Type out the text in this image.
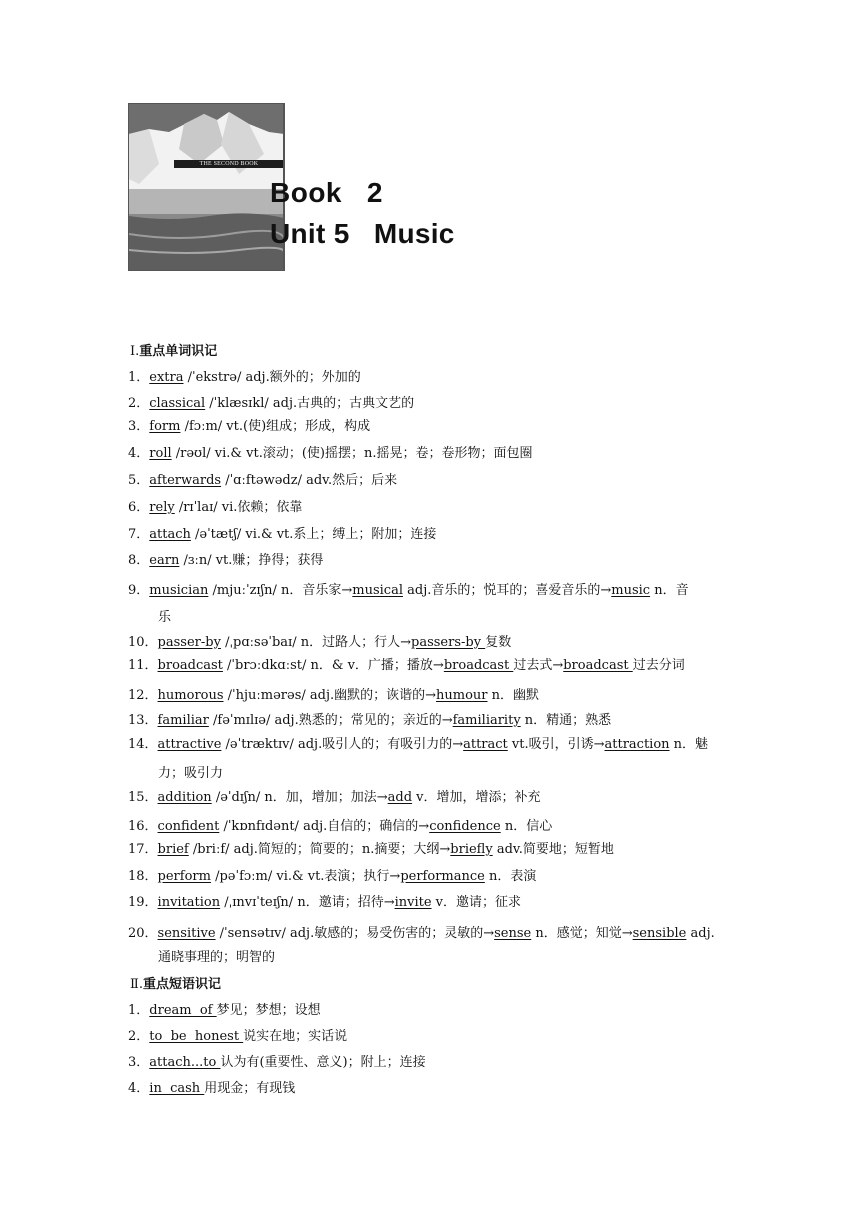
THE SECOND BOOK
Book   2
Unit 5   Music
Ⅰ.重点单词识记
1．extra /ˈekstrə/ adj.额外的；外加的
2．classical /ˈklæsɪkl/ adj.古典的；古典文艺的
3．form /fɔːm/ vt.(使)组成；形成，构成
4．roll /rəʊl/ vi.& vt.滚动；(使)摇摆；n.摇晃；卷；卷形物；面包圈
5．afterwards /ˈɑːftəwədz/ adv.然后；后来
6．rely /rɪˈlaɪ/ vi.依赖；依靠
7．attach /əˈtætʃ/ vi.& vt.系上；缚上；附加；连接
8．earn /ɜːn/ vt.赚；挣得；获得
9．musician /mjuːˈzɪʃn/ n．音乐家→musical adj.音乐的；悦耳的；喜爱音乐的→music n．音
乐
10．passer-by /ˌpɑːsəˈbaɪ/ n．过路人；行人→passers-by 复数
11．broadcast /ˈbrɔːdkɑːst/ n．& v．广播；播放→broadcast 过去式→broadcast 过去分词
12．humorous /ˈhjuːmərəs/ adj.幽默的；诙谐的→humour n．幽默
13．familiar /fəˈmɪlɪə/ adj.熟悉的；常见的；亲近的→familiarity n．精通；熟悉
14．attractive /əˈtræktɪv/ adj.吸引人的；有吸引力的→attract vt.吸引，引诱→attraction n．魅
力；吸引力
15．addition /əˈdɪʃn/ n．加，增加；加法→add v．增加，增添；补充
16．confident /ˈkɒnfɪdənt/ adj.自信的；确信的→confidence n．信心
17．brief /briːf/ adj.简短的；简要的；n.摘要；大纲→briefly adv.简要地；短暂地
18．perform /pəˈfɔːm/ vi.& vt.表演；执行→performance n．表演
19．invitation /ˌɪnvɪˈteɪʃn/ n．邀请；招待→invite v．邀请；征求
20．sensitive /ˈsensətɪv/ adj.敏感的；易受伤害的；灵敏的→sense n．感觉；知觉→sensible adj.
通晓事理的；明智的
Ⅱ.重点短语识记
1．dream  of 梦见；梦想；设想
2．to  be  honest 说实在地；实话说
3．attach...to 认为有(重要性、意义)；附上；连接
4．in  cash 用现金；有现钱
